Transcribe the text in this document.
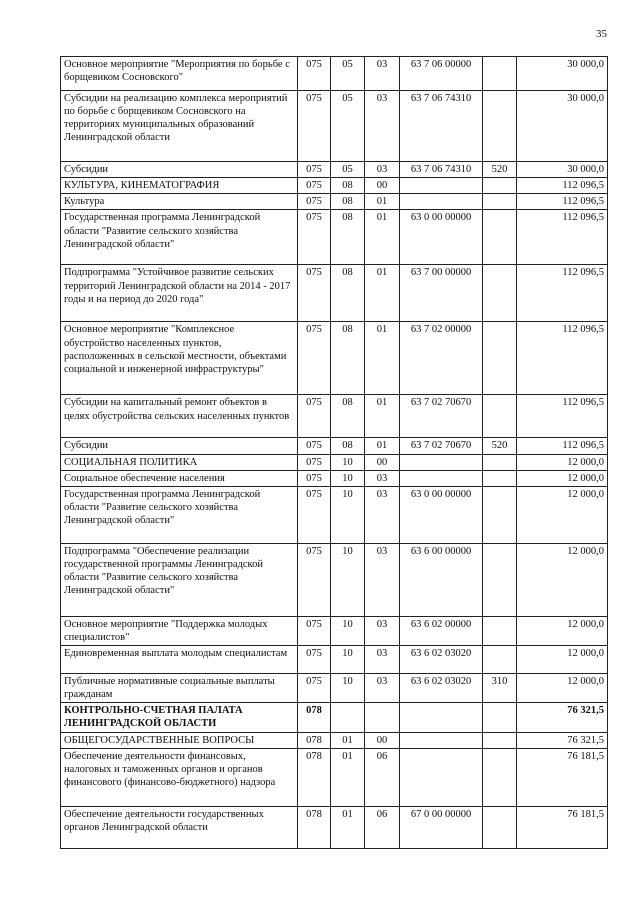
35
Основное мероприятие "Мероприятия по борьбе с борщевиком Сосновского"	075	05	03	63 7 06 00000		30 000,0
Субсидии на реализацию комплекса мероприятий по борьбе с борщевиком Сосновского на территориях муниципальных образований Ленинградской области	075	05	03	63 7 06 74310		30 000,0
Субсидии	075	05	03	63 7 06 74310	520	30 000,0
КУЛЬТУРА, КИНЕМАТОГРАФИЯ	075	08	00			112 096,5
Культура	075	08	01			112 096,5
Государственная программа Ленинградской области "Развитие сельского хозяйства Ленинградской области"	075	08	01	63 0 00 00000		112 096,5
Подпрограмма "Устойчивое развитие сельских территорий Ленинградской области на 2014 - 2017 годы и на период до 2020 года"	075	08	01	63 7 00 00000		112 096,5
Основное мероприятие "Комплексное обустройство населенных пунктов, расположенных в сельской местности, объектами социальной и инженерной инфраструктуры"	075	08	01	63 7 02 00000		112 096,5
Субсидии на капитальный ремонт объектов в целях обустройства сельских населенных пунктов	075	08	01	63 7 02 70670		112 096,5
Субсидии	075	08	01	63 7 02 70670	520	112 096,5
СОЦИАЛЬНАЯ ПОЛИТИКА	075	10	00			12 000,0
Социальное обеспечение населения	075	10	03			12 000,0
Государственная программа Ленинградской области "Развитие сельского хозяйства Ленинградской области"	075	10	03	63 0 00 00000		12 000,0
Подпрограмма "Обеспечение реализации государственной программы Ленинградской области "Развитие сельского хозяйства Ленинградской области"	075	10	03	63 6 00 00000		12 000,0
Основное мероприятие "Поддержка молодых специалистов"	075	10	03	63 6 02 00000		12 000,0
Единовременная выплата молодым специалистам	075	10	03	63 6 02 03020		12 000,0
Публичные нормативные социальные выплаты гражданам	075	10	03	63 6 02 03020	310	12 000,0
КОНТРОЛЬНО-СЧЕТНАЯ ПАЛАТА ЛЕНИНГРАДСКОЙ ОБЛАСТИ	078					76 321,5
ОБЩЕГОСУДАРСТВЕННЫЕ ВОПРОСЫ	078	01	00			76 321,5
Обеспечение деятельности финансовых, налоговых и таможенных органов и органов финансового (финансово-бюджетного) надзора	078	01	06			76 181,5
Обеспечение деятельности государственных органов Ленинградской области	078	01	06	67 0 00 00000		76 181,5
